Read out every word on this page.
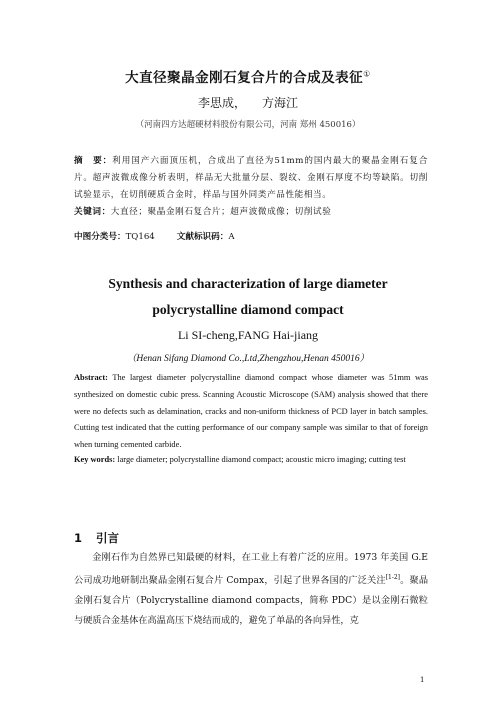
大直径聚晶金刚石复合片的合成及表征①
李思成， 方海江
（河南四方达超硬材料股份有限公司，河南 郑州 450016）
摘　要：利用国产六面顶压机，合成出了直径为51mm的国内最大的聚晶金刚石复合片。超声波微成像分析表明，样品无大批量分层、裂纹、金刚石厚度不均等缺陷。切削试验显示，在切削硬质合金时，样品与国外同类产品性能相当。
关键词：大直径；聚晶金刚石复合片；超声波微成像；切削试验
中图分类号：TQ164	文献标识码：A
Synthesis and characterization of large diameter
polycrystalline diamond compact
Li SI-cheng,FANG Hai-jiang
（Henan Sifang Diamond Co.,Ltd,Zhengzhou,Henan 450016）
Abstract: The largest diameter polycrystalline diamond compact whose diameter was 51mm was synthesized on domestic cubic press. Scanning Acoustic Microscope (SAM) analysis showed that there were no defects such as delamination, cracks and non-uniform thickness of PCD layer in batch samples. Cutting test indicated that the cutting performance of our company sample was similar to that of foreign when turning cemented carbide.
Key words: large diameter; polycrystalline diamond compact; acoustic micro imaging; cutting test
1 引言
金刚石作为自然界已知最硬的材料，在工业上有着广泛的应用。1973 年美国 G.E 公司成功地研制出聚晶金刚石复合片 Compax，引起了世界各国的广泛关注[1-2]。聚晶金刚石复合片（Polycrystalline diamond compacts，简称 PDC）是以金刚石微粒与硬质合金基体在高温高压下烧结而成的，避免了单晶的各向异性，克
1
